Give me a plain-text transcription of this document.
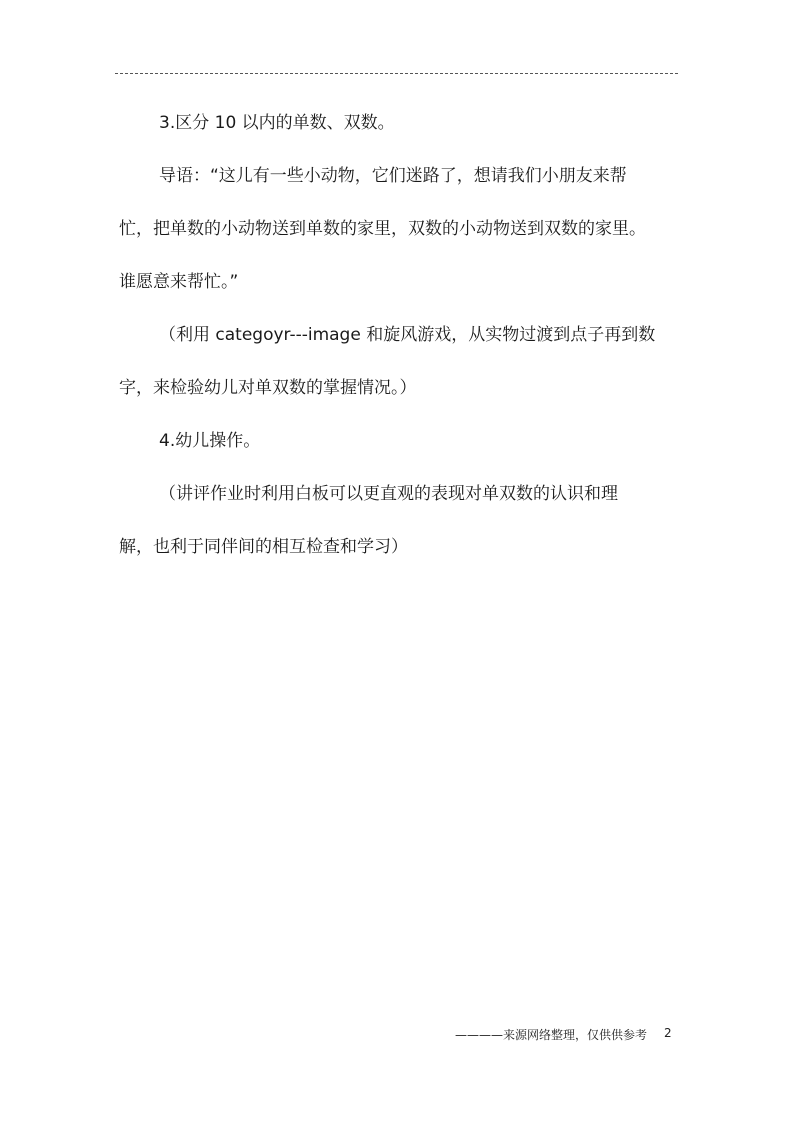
3.区分 10 以内的单数、双数。

导语：“这儿有一些小动物，它们迷路了，想请我们小朋友来帮

忙，把单数的小动物送到单数的家里，双数的小动物送到双数的家里。

谁愿意来帮忙。”

（利用 categoyr---image 和旋风游戏，从实物过渡到点子再到数

字，来检验幼儿对单双数的掌握情况。）

4.幼儿操作。

（讲评作业时利用白板可以更直观的表现对单双数的认识和理

解，也利于同伴间的相互检查和学习）

————来源网络整理，仅供供参考 2
